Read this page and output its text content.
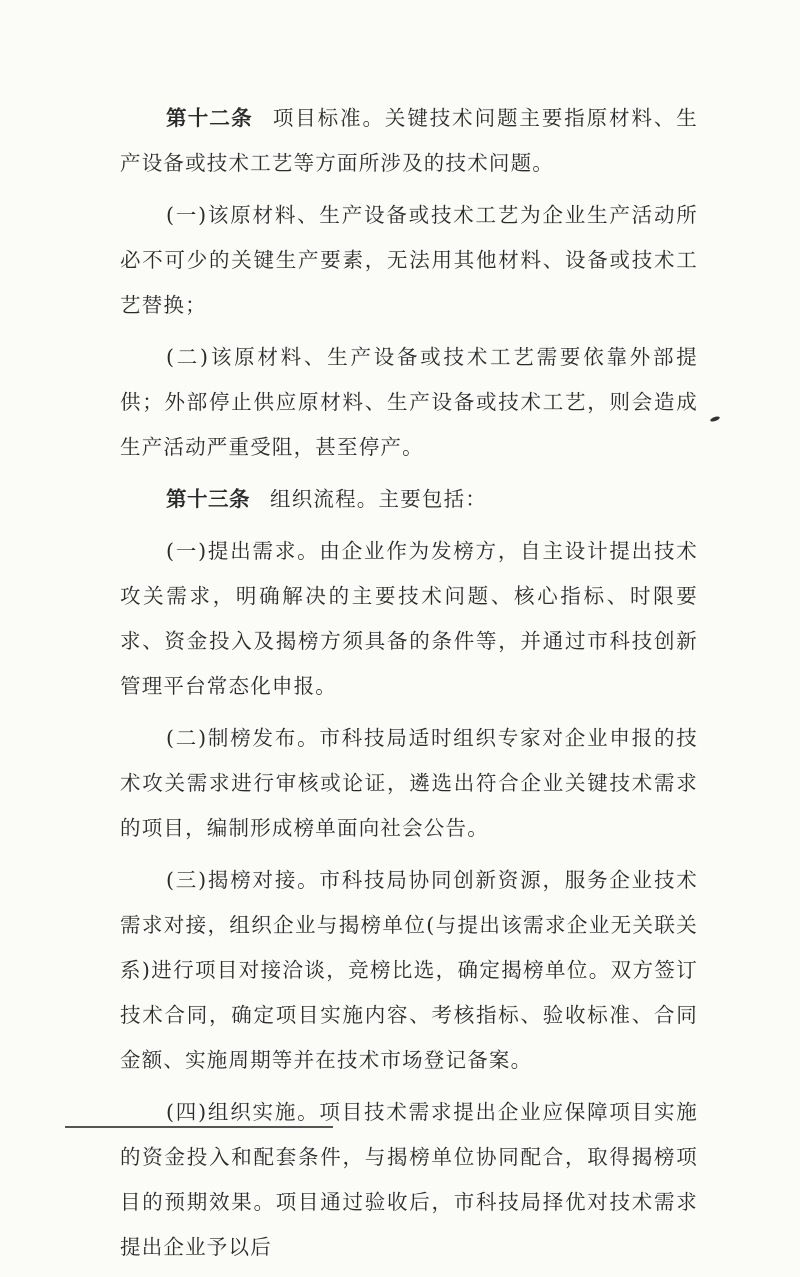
第十二条 项目标准。关键技术问题主要指原材料、生产设备或技术工艺等方面所涉及的技术问题。

(一)该原材料、生产设备或技术工艺为企业生产活动所必不可少的关键生产要素，无法用其他材料、设备或技术工艺替换；

(二)该原材料、生产设备或技术工艺需要依靠外部提供；外部停止供应原材料、生产设备或技术工艺，则会造成生产活动严重受阻，甚至停产。

第十三条 组织流程。主要包括：

(一)提出需求。由企业作为发榜方，自主设计提出技术攻关需求，明确解决的主要技术问题、核心指标、时限要求、资金投入及揭榜方须具备的条件等，并通过市科技创新管理平台常态化申报。

(二)制榜发布。市科技局适时组织专家对企业申报的技术攻关需求进行审核或论证，遴选出符合企业关键技术需求的项目，编制形成榜单面向社会公告。

(三)揭榜对接。市科技局协同创新资源，服务企业技术需求对接，组织企业与揭榜单位(与提出该需求企业无关联关系)进行项目对接洽谈，竞榜比选，确定揭榜单位。双方签订技术合同，确定项目实施内容、考核指标、验收标准、合同金额、实施周期等并在技术市场登记备案。

(四)组织实施。项目技术需求提出企业应保障项目实施的资金投入和配套条件，与揭榜单位协同配合，取得揭榜项目的预期效果。项目通过验收后，市科技局择优对技术需求提出企业予以后
